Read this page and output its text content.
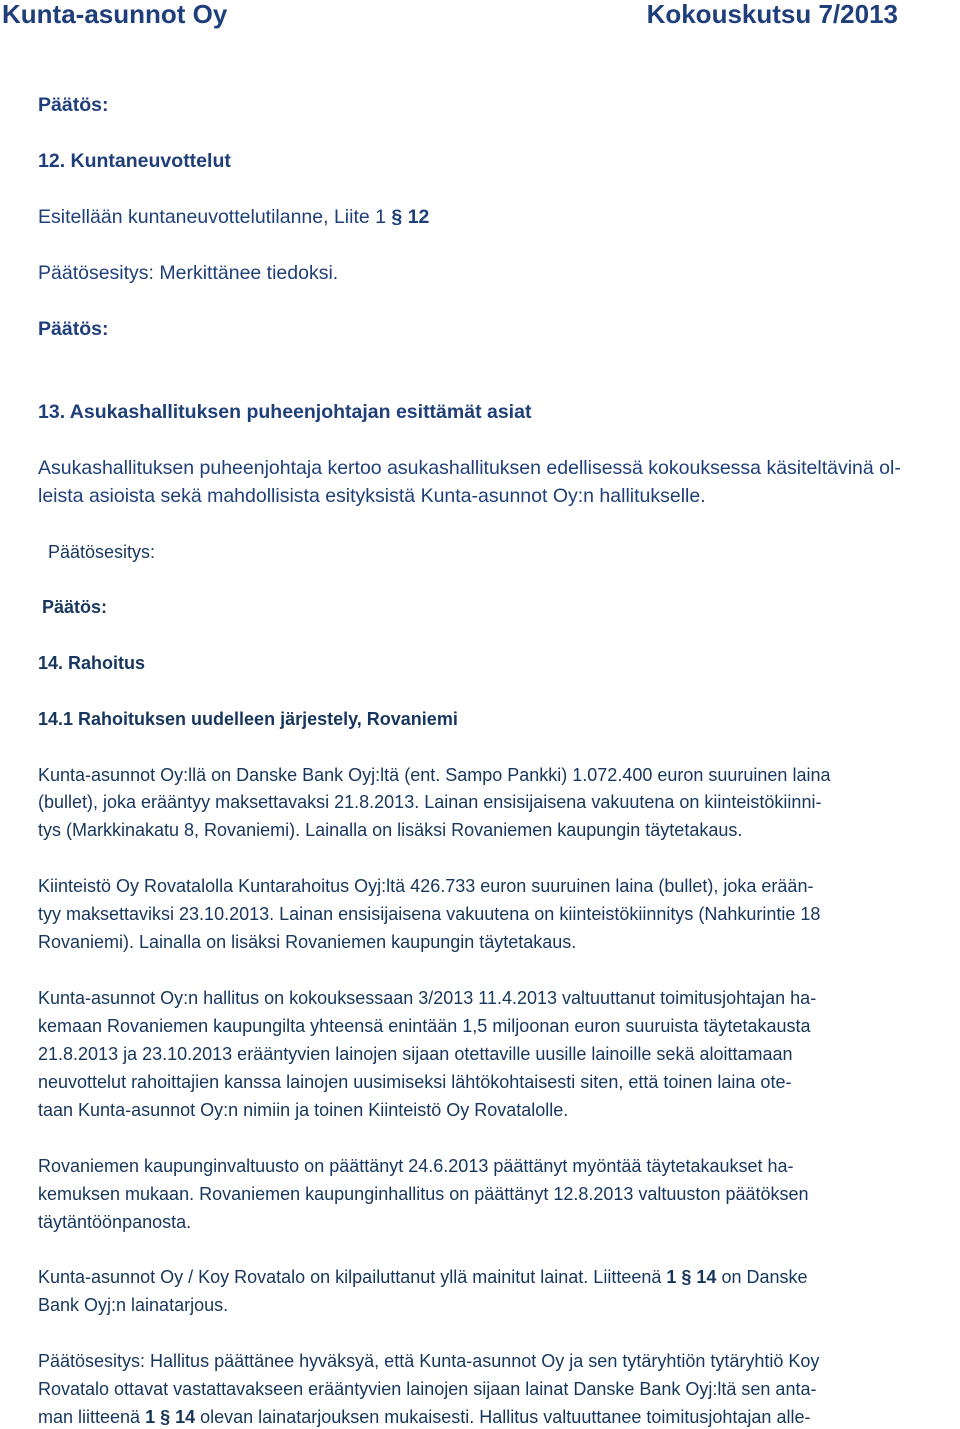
Kunta-asunnot Oy	Kokouskutsu 7/2013
Päätös:
12. Kuntaneuvottelut
Esitellään kuntaneuvottelutilanne, Liite 1 § 12
Päätösesitys: Merkittänee tiedoksi.
Päätös:
13. Asukashallituksen puheenjohtajan esittämät asiat
Asukashallituksen puheenjohtaja kertoo asukashallituksen edellisessä kokouksessa käsiteltävinä ol-
leista asioista sekä mahdollisista esityksistä Kunta-asunnot Oy:n hallitukselle.
Päätösesitys:
Päätös:
14. Rahoitus
14.1 Rahoituksen uudelleen järjestely, Rovaniemi
Kunta-asunnot Oy:llä on Danske Bank Oyj:ltä (ent. Sampo Pankki) 1.072.400 euron suuruinen laina
(bullet), joka erääntyy maksettavaksi 21.8.2013. Lainan ensisijaisena vakuutena on kiinteistökiinni-
tys (Markkinakatu 8, Rovaniemi). Lainalla on lisäksi Rovaniemen kaupungin täytetakaus.
Kiinteistö Oy Rovatalolla Kuntarahoitus Oyj:ltä 426.733 euron suuruinen laina (bullet), joka erään-
tyy maksettaviksi 23.10.2013. Lainan ensisijaisena vakuutena on kiinteistökiinnitys (Nahkurintie 18
Rovaniemi). Lainalla on lisäksi Rovaniemen kaupungin täytetakaus.
Kunta-asunnot Oy:n hallitus on kokouksessaan 3/2013 11.4.2013 valtuuttanut toimitusjohtajan ha-
kemaan Rovaniemen kaupungilta yhteensä enintään 1,5 miljoonan euron suuruista täytetakausta
21.8.2013 ja 23.10.2013 erääntyvien lainojen sijaan otettaville uusille lainoille sekä aloittamaan
neuvottelut rahoittajien kanssa lainojen uusimiseksi lähtökohtaisesti siten, että toinen laina ote-
taan Kunta-asunnot Oy:n nimiin ja toinen Kiinteistö Oy Rovatalolle.
Rovaniemen kaupunginvaltuusto on päättänyt 24.6.2013 päättänyt myöntää täytetakaukset ha-
kemuksen mukaan. Rovaniemen kaupunginhallitus on päättänyt 12.8.2013 valtuuston päätöksen
täytäntöönpanosta.
Kunta-asunnot Oy / Koy Rovatalo on kilpailuttanut yllä mainitut lainat. Liitteenä 1 § 14 on Danske
Bank Oyj:n lainatarjous.
Päätösesitys: Hallitus päättänee hyväksyä, että Kunta-asunnot Oy ja sen tytäryhtiön tytäryhtiö Koy
Rovatalo ottavat vastattavakseen erääntyvien lainojen sijaan lainat Danske Bank Oyj:ltä sen anta-
man liitteenä 1 § 14 olevan lainatarjouksen mukaisesti. Hallitus valtuuttanee toimitusjohtajan alle-
